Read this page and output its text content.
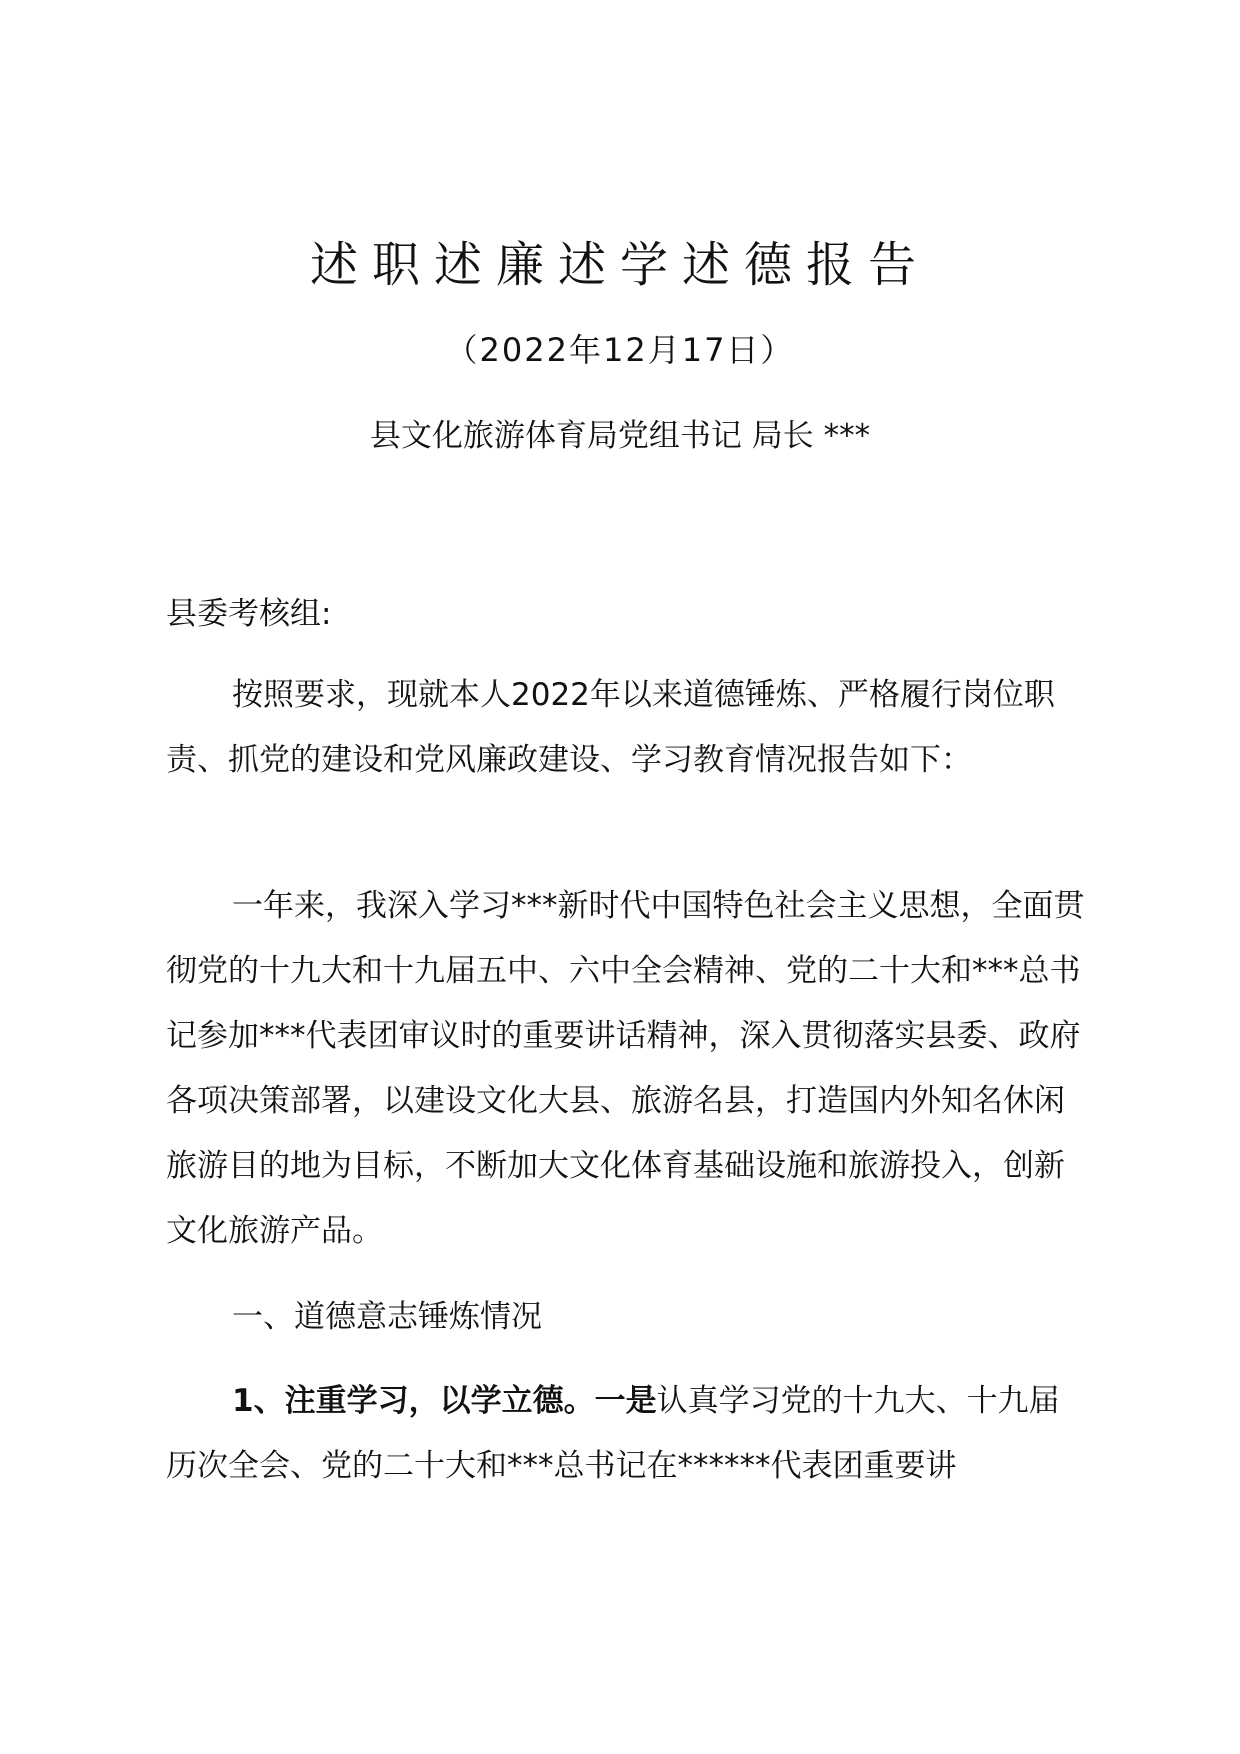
述职述廉述学述德报告
（2022年12月17日）
县文化旅游体育局党组书记 局长 ***
县委考核组:

按照要求，现就本人2022年以来道德锤炼、严格履行岗位职责、抓党的建设和党风廉政建设、学习教育情况报告如下：

一年来，我深入学习***新时代中国特色社会主义思想，全面贯彻党的十九大和十九届五中、六中全会精神、党的二十大和***总书记参加***代表团审议时的重要讲话精神，深入贯彻落实县委、政府各项决策部署，以建设文化大县、旅游名县，打造国内外知名休闲旅游目的地为目标，不断加大文化体育基础设施和旅游投入，创新文化旅游产品。

一、道德意志锤炼情况

1、注重学习，以学立德。一是认真学习党的十九大、十九届历次全会、党的二十大和***总书记在******代表团重要讲
